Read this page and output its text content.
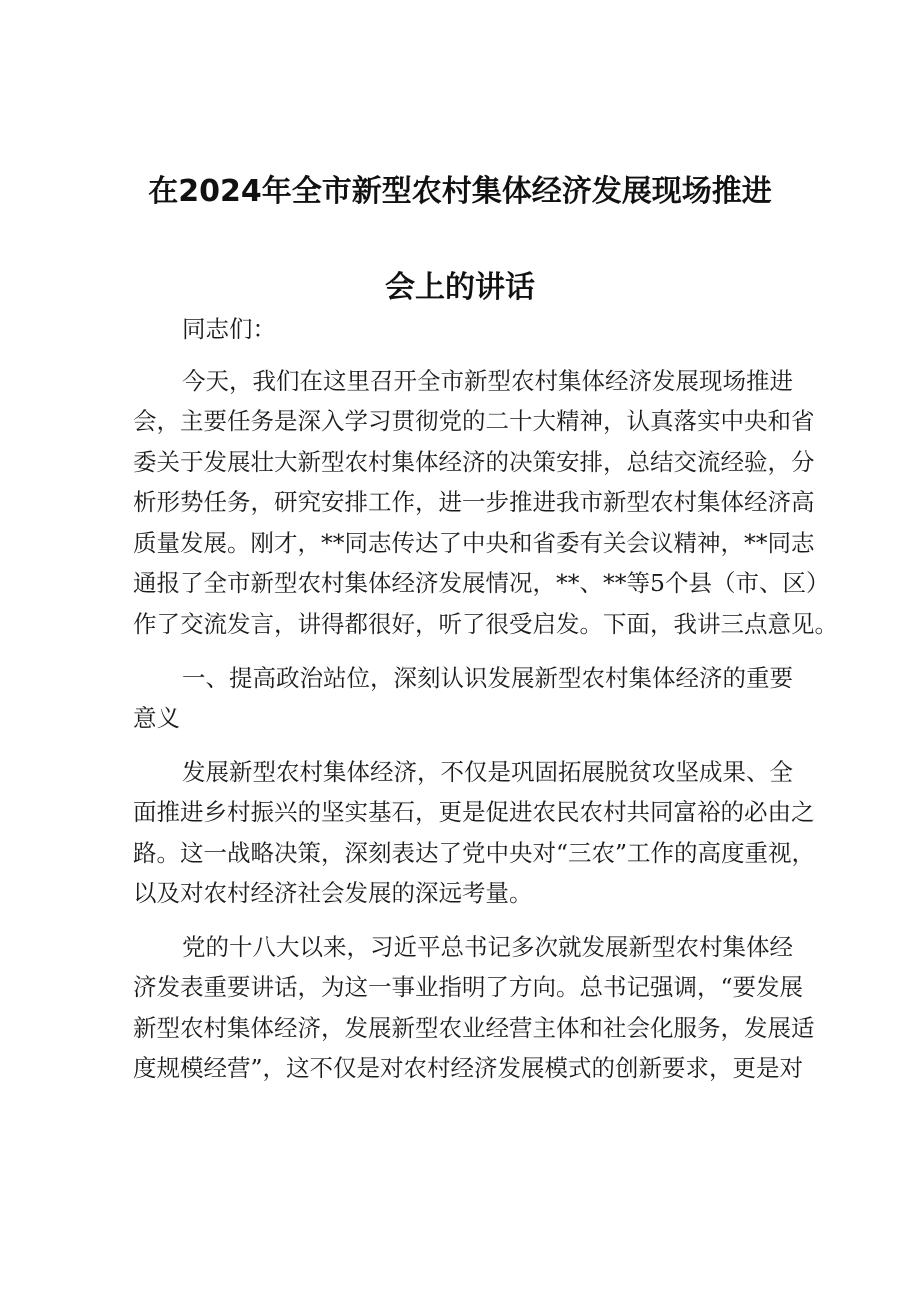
在2024年全市新型农村集体经济发展现场推进
会上的讲话

同志们：

今天，我们在这里召开全市新型农村集体经济发展现场推进

会，主要任务是深入学习贯彻党的二十大精神，认真落实中央和省

委关于发展壮大新型农村集体经济的决策安排，总结交流经验，分

析形势任务，研究安排工作，进一步推进我市新型农村集体经济高

质量发展。刚才，**同志传达了中央和省委有关会议精神，**同志

通报了全市新型农村集体经济发展情况，**、**等5个县（市、区）

作了交流发言，讲得都很好，听了很受启发。下面，我讲三点意见。

一、提高政治站位，深刻认识发展新型农村集体经济的重要

意义

发展新型农村集体经济，不仅是巩固拓展脱贫攻坚成果、全

面推进乡村振兴的坚实基石，更是促进农民农村共同富裕的必由之

路。这一战略决策，深刻表达了党中央对“三农”工作的高度重视，

以及对农村经济社会发展的深远考量。

党的十八大以来，习近平总书记多次就发展新型农村集体经

济发表重要讲话，为这一事业指明了方向。总书记强调，“要发展

新型农村集体经济，发展新型农业经营主体和社会化服务，发展适

度规模经营”，这不仅是对农村经济发展模式的创新要求，更是对
